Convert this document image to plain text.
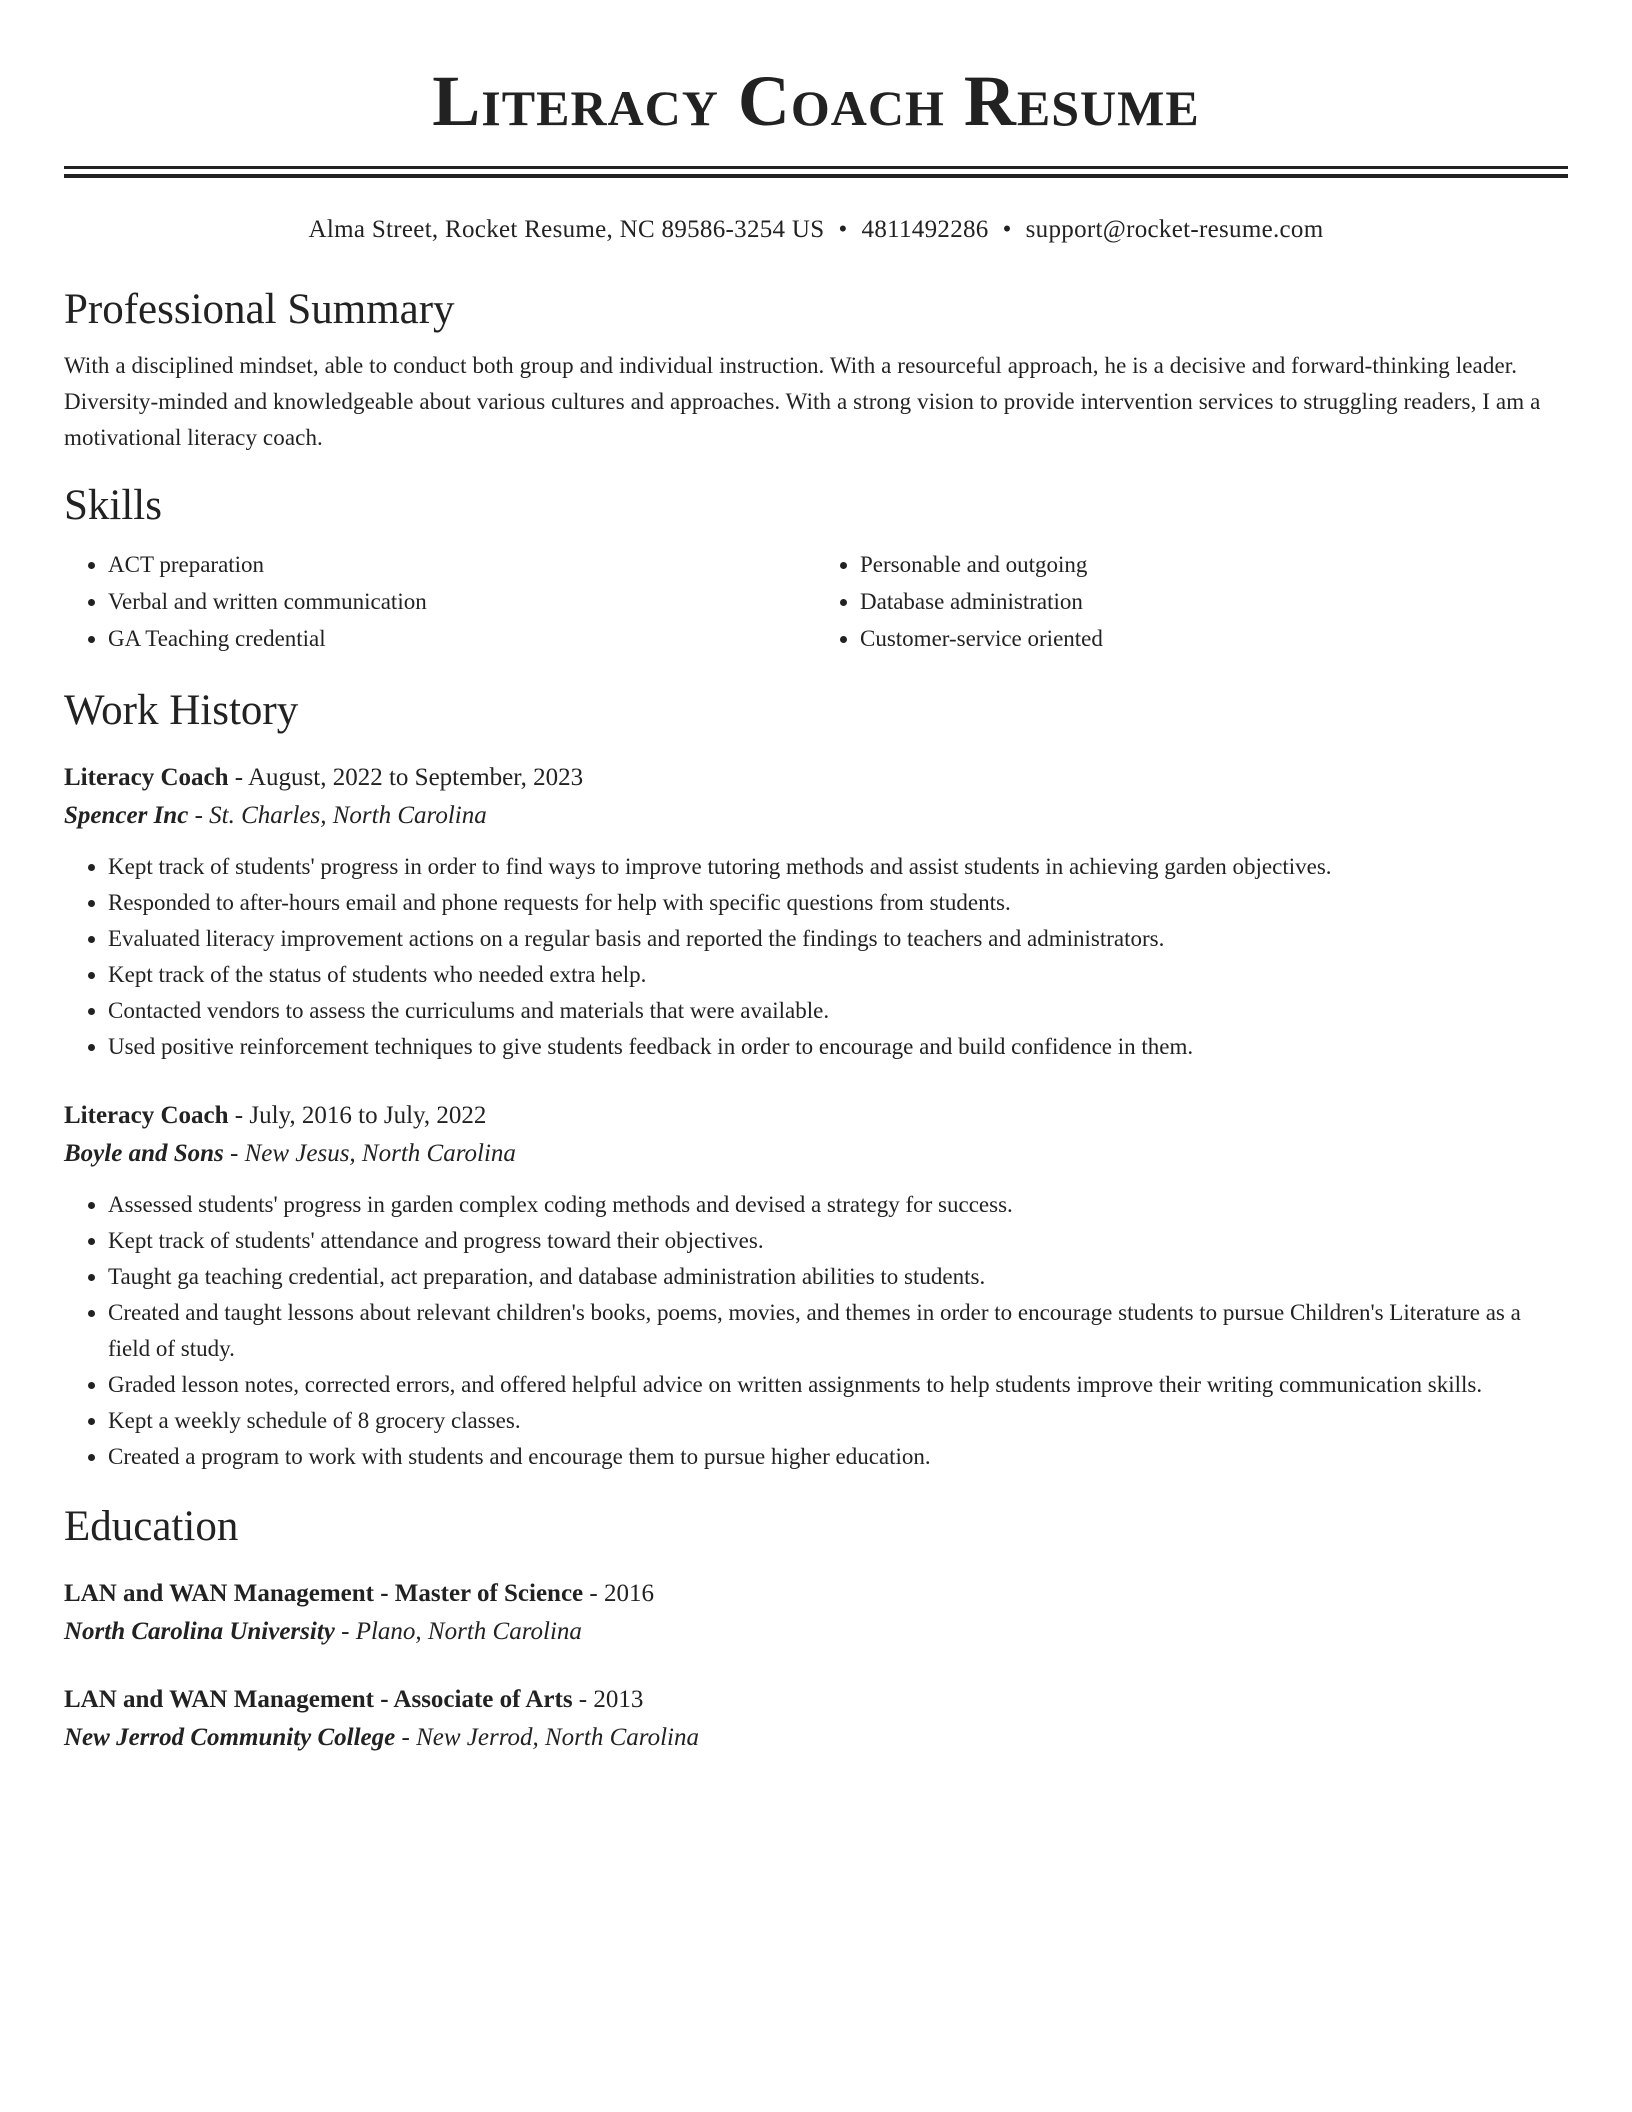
Literacy Coach Resume
Alma Street, Rocket Resume, NC 89586-3254 US • 4811492286 • support@rocket-resume.com
Professional Summary
With a disciplined mindset, able to conduct both group and individual instruction. With a resourceful approach, he is a decisive and forward-thinking leader. Diversity-minded and knowledgeable about various cultures and approaches. With a strong vision to provide intervention services to struggling readers, I am a motivational literacy coach.
Skills
• ACT preparation
• Verbal and written communication
• GA Teaching credential
• Personable and outgoing
• Database administration
• Customer-service oriented
Work History
Literacy Coach - August, 2022 to September, 2023
Spencer Inc - St. Charles, North Carolina
• Kept track of students' progress in order to find ways to improve tutoring methods and assist students in achieving garden objectives.
• Responded to after-hours email and phone requests for help with specific questions from students.
• Evaluated literacy improvement actions on a regular basis and reported the findings to teachers and administrators.
• Kept track of the status of students who needed extra help.
• Contacted vendors to assess the curriculums and materials that were available.
• Used positive reinforcement techniques to give students feedback in order to encourage and build confidence in them.
Literacy Coach - July, 2016 to July, 2022
Boyle and Sons - New Jesus, North Carolina
• Assessed students' progress in garden complex coding methods and devised a strategy for success.
• Kept track of students' attendance and progress toward their objectives.
• Taught ga teaching credential, act preparation, and database administration abilities to students.
• Created and taught lessons about relevant children's books, poems, movies, and themes in order to encourage students to pursue Children's Literature as a field of study.
• Graded lesson notes, corrected errors, and offered helpful advice on written assignments to help students improve their writing communication skills.
• Kept a weekly schedule of 8 grocery classes.
• Created a program to work with students and encourage them to pursue higher education.
Education
LAN and WAN Management - Master of Science - 2016
North Carolina University - Plano, North Carolina
LAN and WAN Management - Associate of Arts - 2013
New Jerrod Community College - New Jerrod, North Carolina
